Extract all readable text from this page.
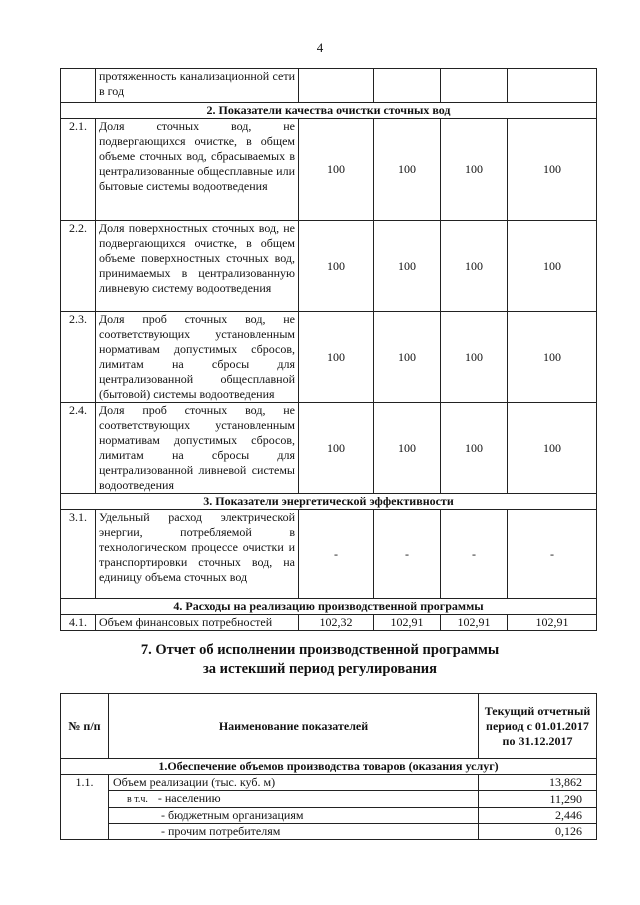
4
	протяженность канализационной сети в год				
2. Показатели качества очистки сточных вод					
2.1.	Доля сточных вод, не подвергающихся очистке, в общем объеме сточных вод, сбрасываемых в централизованные общесплавные или бытовые системы водоотведения	100	100	100	100
2.2.	Доля поверхностных сточных вод, не подвергающихся очистке, в общем объеме поверхностных сточных вод, принимаемых в централизованную ливневую систему водоотведения	100	100	100	100
2.3.	Доля проб сточных вод, не соответствующих установленным нормативам допустимых сбросов, лимитам на сбросы для централизованной общесплавной (бытовой) системы водоотведения	100	100	100	100
2.4.	Доля проб сточных вод, не соответствующих установленным нормативам допустимых сбросов, лимитам на сбросы для централизованной ливневой системы водоотведения	100	100	100	100
3. Показатели энергетической эффективности					
3.1.	Удельный расход электрической энергии, потребляемой в технологическом процессе очистки и транспортировки сточных вод, на единицу объема сточных вод	-	-	-	-
4. Расходы на реализацию производственной программы					
4.1.	Объем финансовых потребностей	102,32	102,91	102,91	102,91
7. Отчет об исполнении производственной программы
за истекший период регулирования
№ п/п	Наименование показателей	Текущий отчетный период с 01.01.2017 по 31.12.2017
1.Обеспечение объемов производства товаров (оказания услуг)		
1.1.	Объем реализации (тыс. куб. м)	13,862
	в т.ч. - населению	11,290
	- бюджетным организациям	2,446
	- прочим потребителям	0,126
